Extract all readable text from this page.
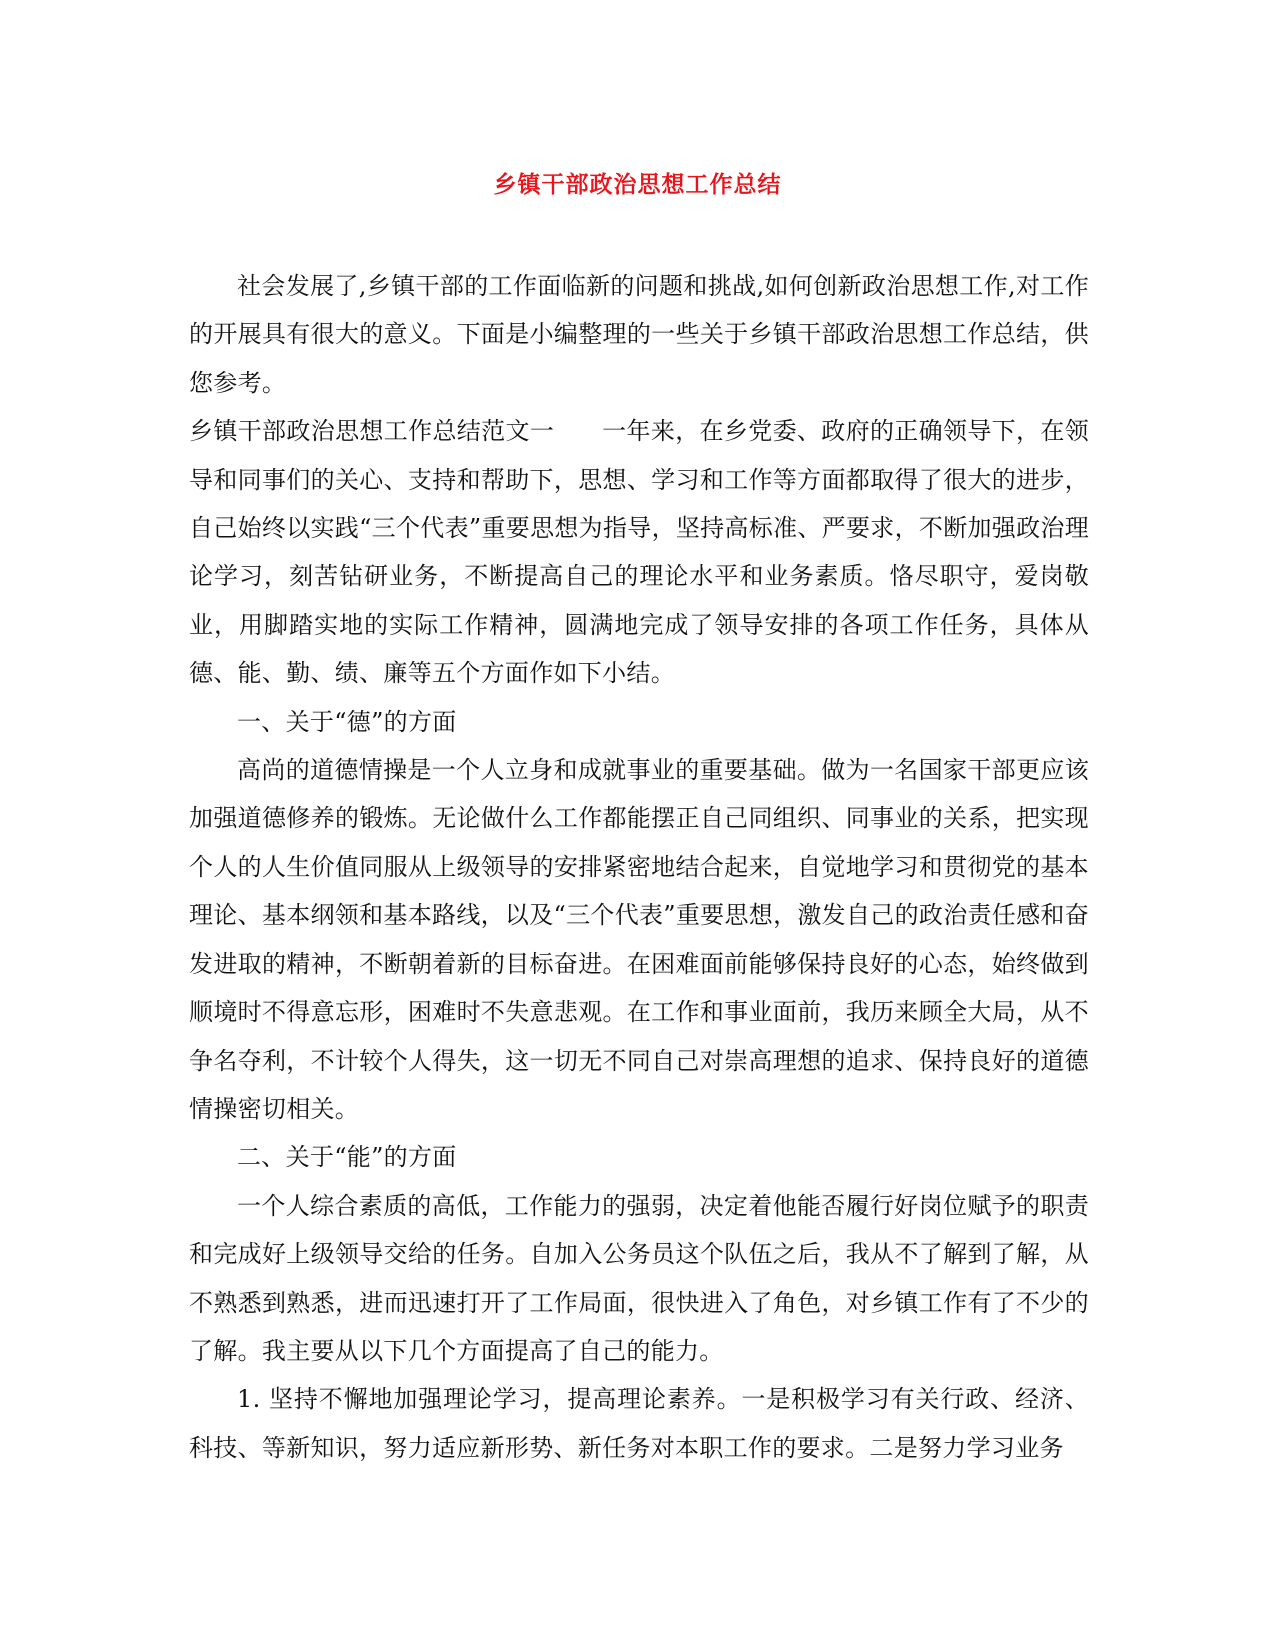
乡镇干部政治思想工作总结

社会发展了,乡镇干部的工作面临新的问题和挑战,如何创新政治思想工作,对工作的开展具有很大的意义。下面是小编整理的一些关于乡镇干部政治思想工作总结，供您参考。

乡镇干部政治思想工作总结范文一 一年来，在乡党委、政府的正确领导下，在领导和同事们的关心、支持和帮助下，思想、学习和工作等方面都取得了很大的进步，自己始终以实践“三个代表”重要思想为指导，坚持高标准、严要求，不断加强政治理论学习，刻苦钻研业务，不断提高自己的理论水平和业务素质。恪尽职守，爱岗敬业，用脚踏实地的实际工作精神，圆满地完成了领导安排的各项工作任务，具体从德、能、勤、绩、廉等五个方面作如下小结。

一、关于“德”的方面

高尚的道德情操是一个人立身和成就事业的重要基础。做为一名国家干部更应该加强道德修养的锻炼。无论做什么工作都能摆正自己同组织、同事业的关系，把实现个人的人生价值同服从上级领导的安排紧密地结合起来，自觉地学习和贯彻党的基本理论、基本纲领和基本路线，以及“三个代表”重要思想，激发自己的政治责任感和奋发进取的精神，不断朝着新的目标奋进。在困难面前能够保持良好的心态，始终做到顺境时不得意忘形，困难时不失意悲观。在工作和事业面前，我历来顾全大局，从不争名夺利，不计较个人得失，这一切无不同自己对崇高理想的追求、保持良好的道德情操密切相关。

二、关于“能”的方面

一个人综合素质的高低，工作能力的强弱，决定着他能否履行好岗位赋予的职责和完成好上级领导交给的任务。自加入公务员这个队伍之后，我从不了解到了解，从不熟悉到熟悉，进而迅速打开了工作局面，很快进入了角色，对乡镇工作有了不少的了解。我主要从以下几个方面提高了自己的能力。

1. 坚持不懈地加强理论学习，提高理论素养。一是积极学习有关行政、经济、科技、等新知识，努力适应新形势、新任务对本职工作的要求。二是努力学习业务
